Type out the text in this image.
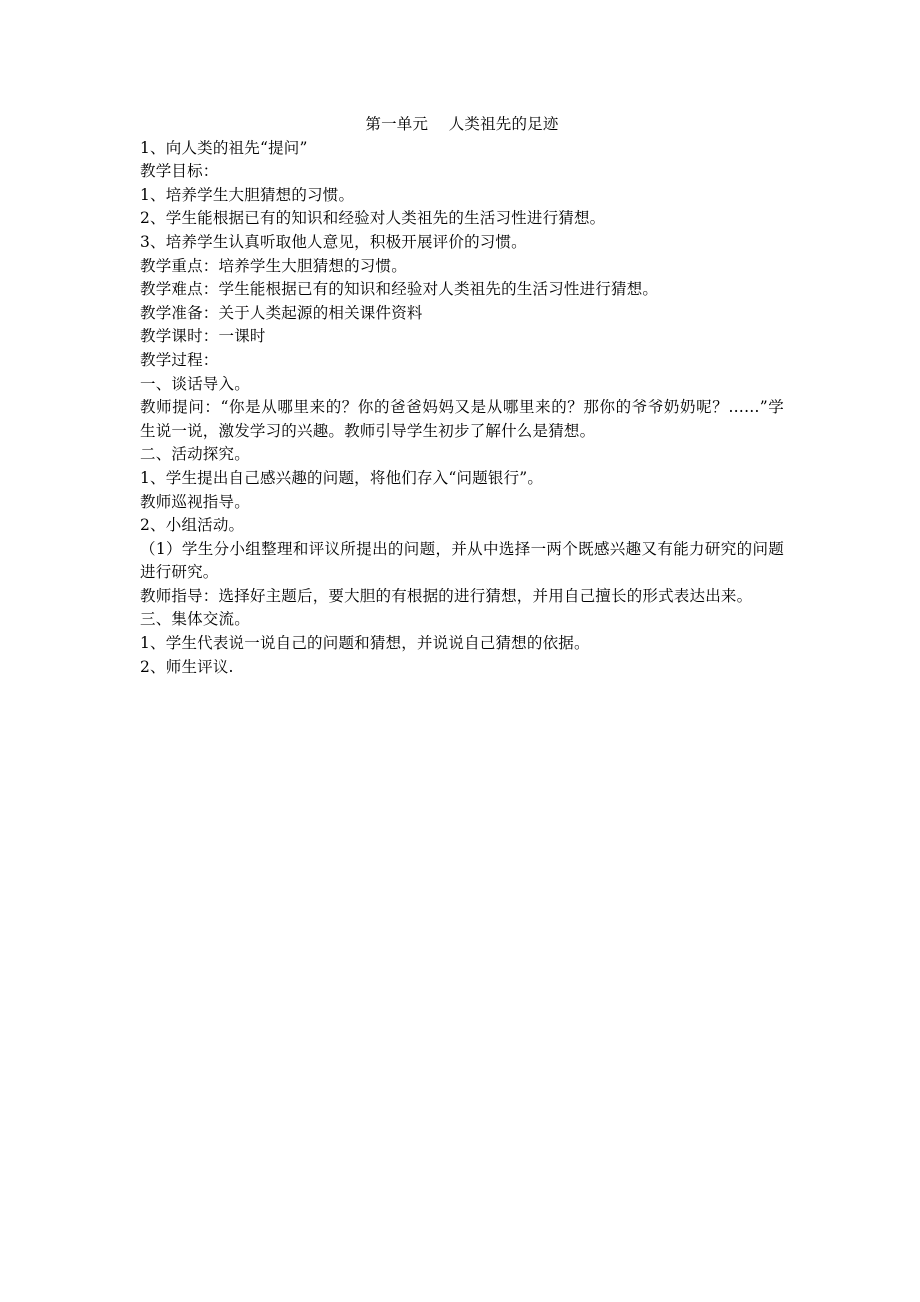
第一单元    人类祖先的足迹

1、向人类的祖先“提问”

教学目标：

1、培养学生大胆猜想的习惯。

2、学生能根据已有的知识和经验对人类祖先的生活习性进行猜想。

3、培养学生认真听取他人意见，积极开展评价的习惯。

教学重点：培养学生大胆猜想的习惯。

教学难点：学生能根据已有的知识和经验对人类祖先的生活习性进行猜想。

教学准备：关于人类起源的相关课件资料

教学课时：一课时

教学过程：

一、谈话导入。

教师提问：“你是从哪里来的？你的爸爸妈妈又是从哪里来的？那你的爷爷奶奶呢？……”学生说一说，激发学习的兴趣。教师引导学生初步了解什么是猜想。

二、活动探究。

1、学生提出自己感兴趣的问题，将他们存入“问题银行”。

教师巡视指导。

2、小组活动。

（1）学生分小组整理和评议所提出的问题，并从中选择一两个既感兴趣又有能力研究的问题进行研究。

教师指导：选择好主题后，要大胆的有根据的进行猜想，并用自己擅长的形式表达出来。

三、集体交流。

1、学生代表说一说自己的问题和猜想，并说说自己猜想的依据。

2、师生评议.
